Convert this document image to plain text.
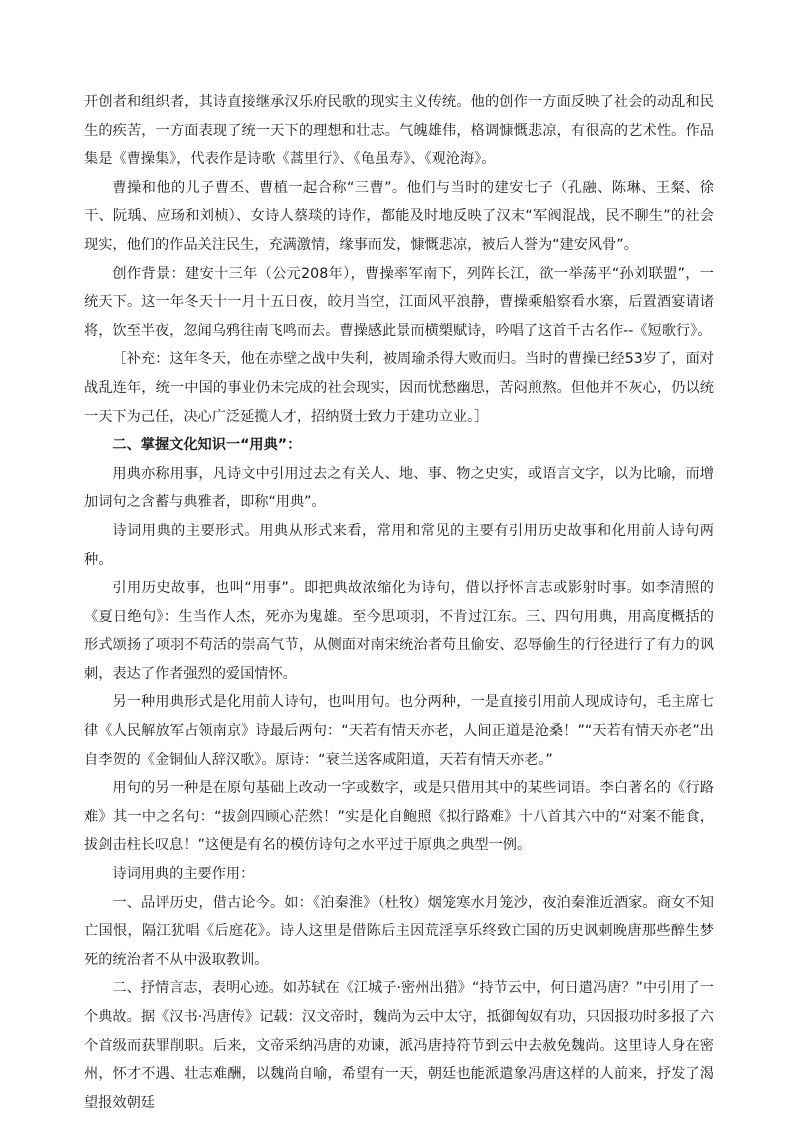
开创者和组织者，其诗直接继承汉乐府民歌的现实主义传统。他的创作一方面反映了社会的动乱和民生的疾苦，一方面表现了统一天下的理想和壮志。气魄雄伟，格调慷慨悲凉，有很高的艺术性。作品集是《曹操集》，代表作是诗歌《蒿里行》、《龟虽寿》、《观沧海》。

曹操和他的儿子曹丕、曹植一起合称“三曹”。他们与当时的建安七子（孔融、陈琳、王粲、徐干、阮瑀、应玚和刘桢）、女诗人蔡琰的诗作，都能及时地反映了汉末“军阀混战，民不聊生”的社会现实，他们的作品关注民生，充满激情，缘事而发，慷慨悲凉，被后人誉为“建安风骨”。

创作背景：建安十三年（公元208年），曹操率军南下，列阵长江，欲一举荡平“孙刘联盟”，一统天下。这一年冬天十一月十五日夜，皎月当空，江面风平浪静，曹操乘船察看水寨，后置酒宴请诸将，饮至半夜，忽闻乌鸦往南飞鸣而去。曹操感此景而横槊赋诗，吟唱了这首千古名作--《短歌行》。

［补充：这年冬天，他在赤壁之战中失利，被周瑜杀得大败而归。当时的曹操已经53岁了，面对战乱连年，统一中国的事业仍未完成的社会现实，因而忧愁幽思，苦闷煎熬。但他并不灰心，仍以统一天下为己任，决心广泛延揽人才，招纳贤士致力于建功立业。］

二、掌握文化知识一“用典”：

用典亦称用事，凡诗文中引用过去之有关人、地、事、物之史实，或语言文字，以为比喻，而增加词句之含蓄与典雅者，即称“用典”。

诗词用典的主要形式。用典从形式来看，常用和常见的主要有引用历史故事和化用前人诗句两种。

引用历史故事，也叫“用事”。即把典故浓缩化为诗句，借以抒怀言志或影射时事。如李清照的《夏日绝句》：生当作人杰，死亦为鬼雄。至今思项羽，不肯过江东。三、四句用典，用高度概括的形式颂扬了项羽不苟活的崇高气节，从侧面对南宋统治者苟且偷安、忍辱偷生的行径进行了有力的讽刺，表达了作者强烈的爱国情怀。

另一种用典形式是化用前人诗句，也叫用句。也分两种，一是直接引用前人现成诗句，毛主席七律《人民解放军占领南京》诗最后两句：“天若有情天亦老，人间正道是沧桑！”“天若有情天亦老”出自李贺的《金铜仙人辞汉歌》。原诗：“衰兰送客咸阳道，天若有情天亦老。”

用句的另一种是在原句基础上改动一字或数字，或是只借用其中的某些词语。李白著名的《行路难》其一中之名句：“拔剑四顾心茫然！”实是化自鲍照《拟行路难》十八首其六中的“对案不能食，拔剑击柱长叹息！”这便是有名的模仿诗句之水平过于原典之典型一例。

诗词用典的主要作用：

一、品评历史，借古论今。如：《泊秦淮》（杜牧）烟笼寒水月笼沙，夜泊秦淮近酒家。商女不知亡国恨，隔江犹唱《后庭花》。诗人这里是借陈后主因荒淫享乐终致亡国的历史讽刺晚唐那些醉生梦死的统治者不从中汲取教训。

二、抒情言志，表明心迹。如苏轼在《江城子·密州出猎》“持节云中，何日遣冯唐？”中引用了一个典故。据《汉书·冯唐传》记载：汉文帝时，魏尚为云中太守，抵御匈奴有功，只因报功时多报了六个首级而获罪削职。后来，文帝采纳冯唐的劝谏，派冯唐持符节到云中去赦免魏尚。这里诗人身在密州，怀才不遇、壮志难酬，以魏尚自喻，希望有一天，朝廷也能派遣象冯唐这样的人前来，抒发了渴望报效朝廷
